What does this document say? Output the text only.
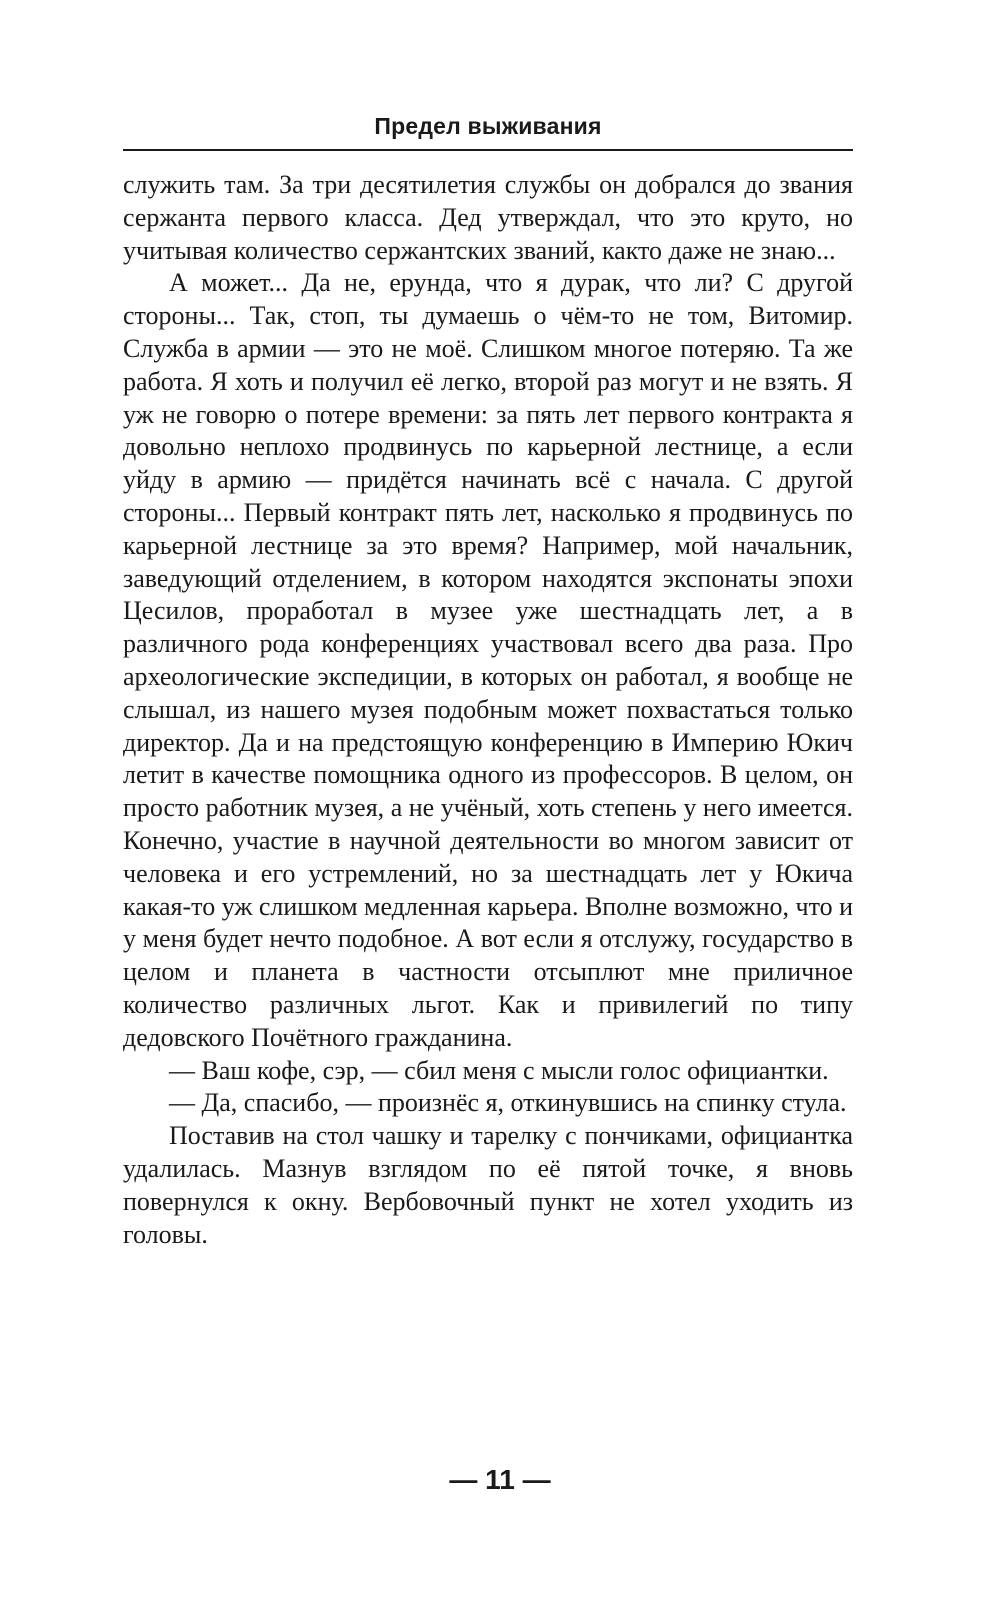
Предел выживания

служить там. За три десятилетия службы он добрался до звания сержанта первого класса. Дед утверждал, что это круто, но учитывая количество сержантских званий, както даже не знаю...

А может... Да не, ерунда, что я дурак, что ли? С другой стороны... Так, стоп, ты думаешь о чём-то не том, Витомир. Служба в армии — это не моё. Слишком многое потеряю. Та же работа. Я хоть и получил её легко, второй раз могут и не взять. Я уж не говорю о потере времени: за пять лет первого контракта я довольно неплохо продвинусь по карьерной лестнице, а если уйду в армию — придётся начинать всё с начала. С другой стороны... Первый контракт пять лет, насколько я продвинусь по карьерной лестнице за это время? Например, мой начальник, заведующий отделением, в котором находятся экспонаты эпохи Цесилов, проработал в музее уже шестнадцать лет, а в различного рода конференциях участвовал всего два раза. Про археологические экспедиции, в которых он работал, я вообще не слышал, из нашего музея подобным может похвастаться только директор. Да и на предстоящую конференцию в Империю Юкич летит в качестве помощника одного из профессоров. В целом, он просто работник музея, а не учёный, хоть степень у него имеется. Конечно, участие в научной деятельности во многом зависит от человека и его устремлений, но за шестнадцать лет у Юкича какая-то уж слишком медленная карьера. Вполне возможно, что и у меня будет нечто подобное. А вот если я отслужу, государство в целом и планета в частности отсыплют мне приличное количество различных льгот. Как и привилегий по типу дедовского Почётного гражданина.

— Ваш кофе, сэр, — сбил меня с мысли голос официантки.

— Да, спасибо, — произнёс я, откинувшись на спинку стула.

Поставив на стол чашку и тарелку с пончиками, официантка удалилась. Мазнув взглядом по её пятой точке, я вновь повернулся к окну. Вербовочный пункт не хотел уходить из головы.

— 11 —
